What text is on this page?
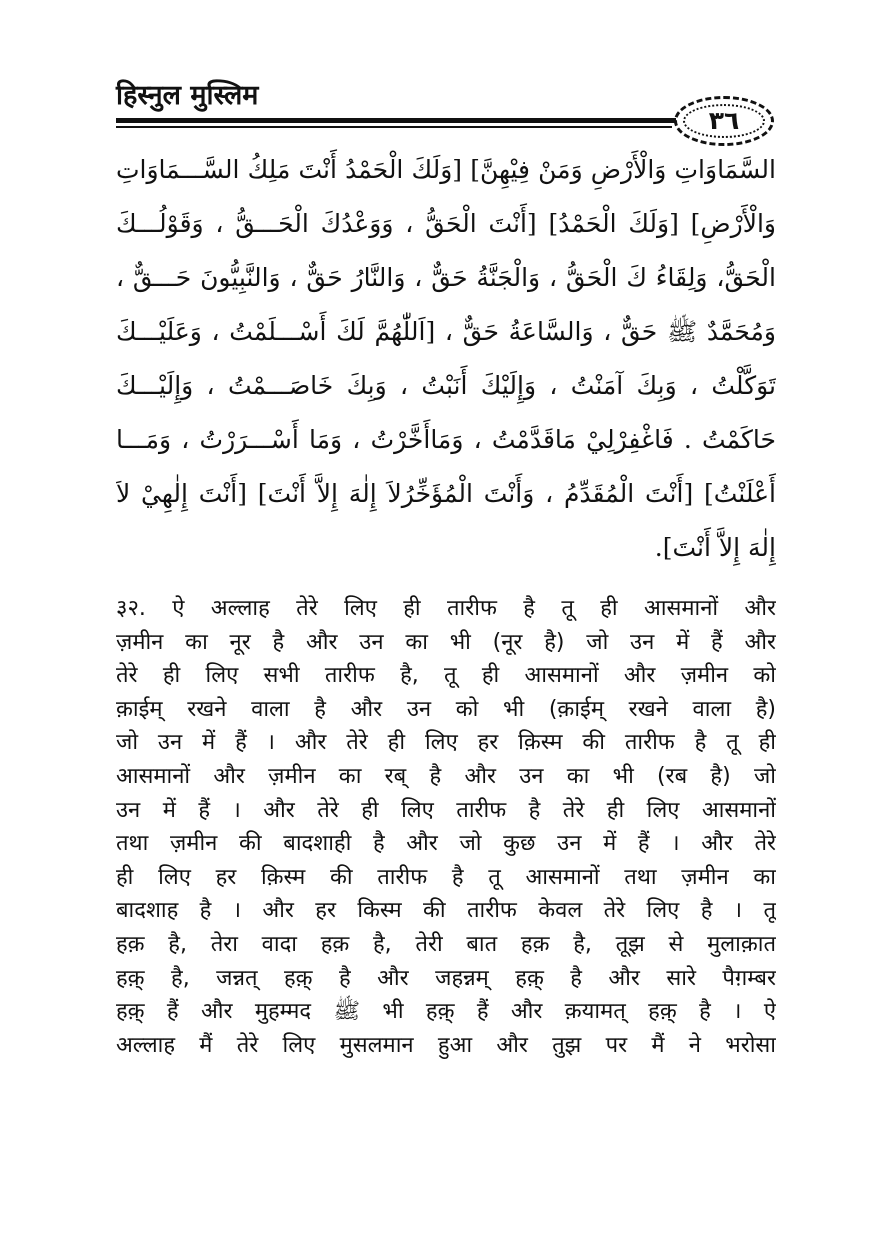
हिस्नुल मुस्लिम
٣٦
السَّمَاوَاتِ وَالْأَرْضِ وَمَنْ فِيْهِنَّ] [وَلَكَ الْحَمْدُ أَنْتَ مَلِكُ السَّـــمَاوَاتِ
وَالْأَرْضِ] [وَلَكَ الْحَمْدُ] [أَنْتَ الْحَقُّ ، وَوَعْدُكَ الْحَـــقُّ ، وَقَوْلُـــكَ
الْحَقُّ، وَلِقَاءُ كَ الْحَقُّ ، وَالْجَنَّةُ حَقٌّ ، وَالنَّارُ حَقٌّ ، وَالنَّبِيُّونَ حَـــقٌّ ،
وَمُحَمَّدٌ ﷺ حَقٌّ ، وَالسَّاعَةُ حَقٌّ ، [اَللّٰهُمَّ لَكَ أَسْـــلَمْتُ ، وَعَلَيْـــكَ
تَوَكَّلْتُ ، وَبِكَ آمَنْتُ ، وَإِلَيْكَ أَنَبْتُ ، وَبِكَ خَاصَـــمْتُ ، وَإِلَيْـــكَ
حَاكَمْتُ . فَاغْفِرْلِيْ مَاقَدَّمْتُ ، وَمَاأَخَّرْتُ ، وَمَا أَسْـــرَرْتُ ، وَمَـــا
أَعْلَنْتُ] [أَنْتَ الْمُقَدِّمُ ، وَأَنْتَ الْمُؤَخِّرُلاَ إِلٰهَ إِلاَّ أَنْتَ] [أَنْتَ إِلٰهِيْ لاَ
إِلٰهَ إِلاَّ أَنْتَ].
३२. ऐ अल्लाह तेरे लिए ही तारीफ है तू ही आसमानों और
ज़मीन का नूर है और उन का भी (नूर है) जो उन में हैं और
तेरे ही लिए सभी तारीफ है, तू ही आसमानों और ज़मीन को
क़ाईम् रखने वाला है और उन को भी (क़ाईम् रखने वाला है)
जो उन में हैं । और तेरे ही लिए हर क़िस्म की तारीफ है तू ही
आसमानों और ज़मीन का रब् है और उन का भी (रब है) जो
उन में हैं । और तेरे ही लिए तारीफ है तेरे ही लिए आसमानों
तथा ज़मीन की बादशाही है और जो कुछ उन में हैं । और तेरे
ही लिए हर क़िस्म की तारीफ है तू आसमानों तथा ज़मीन का
बादशाह है । और हर किस्म की तारीफ केवल तेरे लिए है । तू
हक़ है, तेरा वादा हक़ है, तेरी बात हक़ है, तूझ से मुलाक़ात
हक़् है, जन्नत् हक़् है और जहन्नम् हक़् है और सारे पैग़म्बर
हक़् हैं और मुहम्मद ﷺ भी हक़् हैं और क़यामत् हक़् है । ऐ
अल्लाह मैं तेरे लिए मुसलमान हुआ और तुझ पर मैं ने भरोसा
